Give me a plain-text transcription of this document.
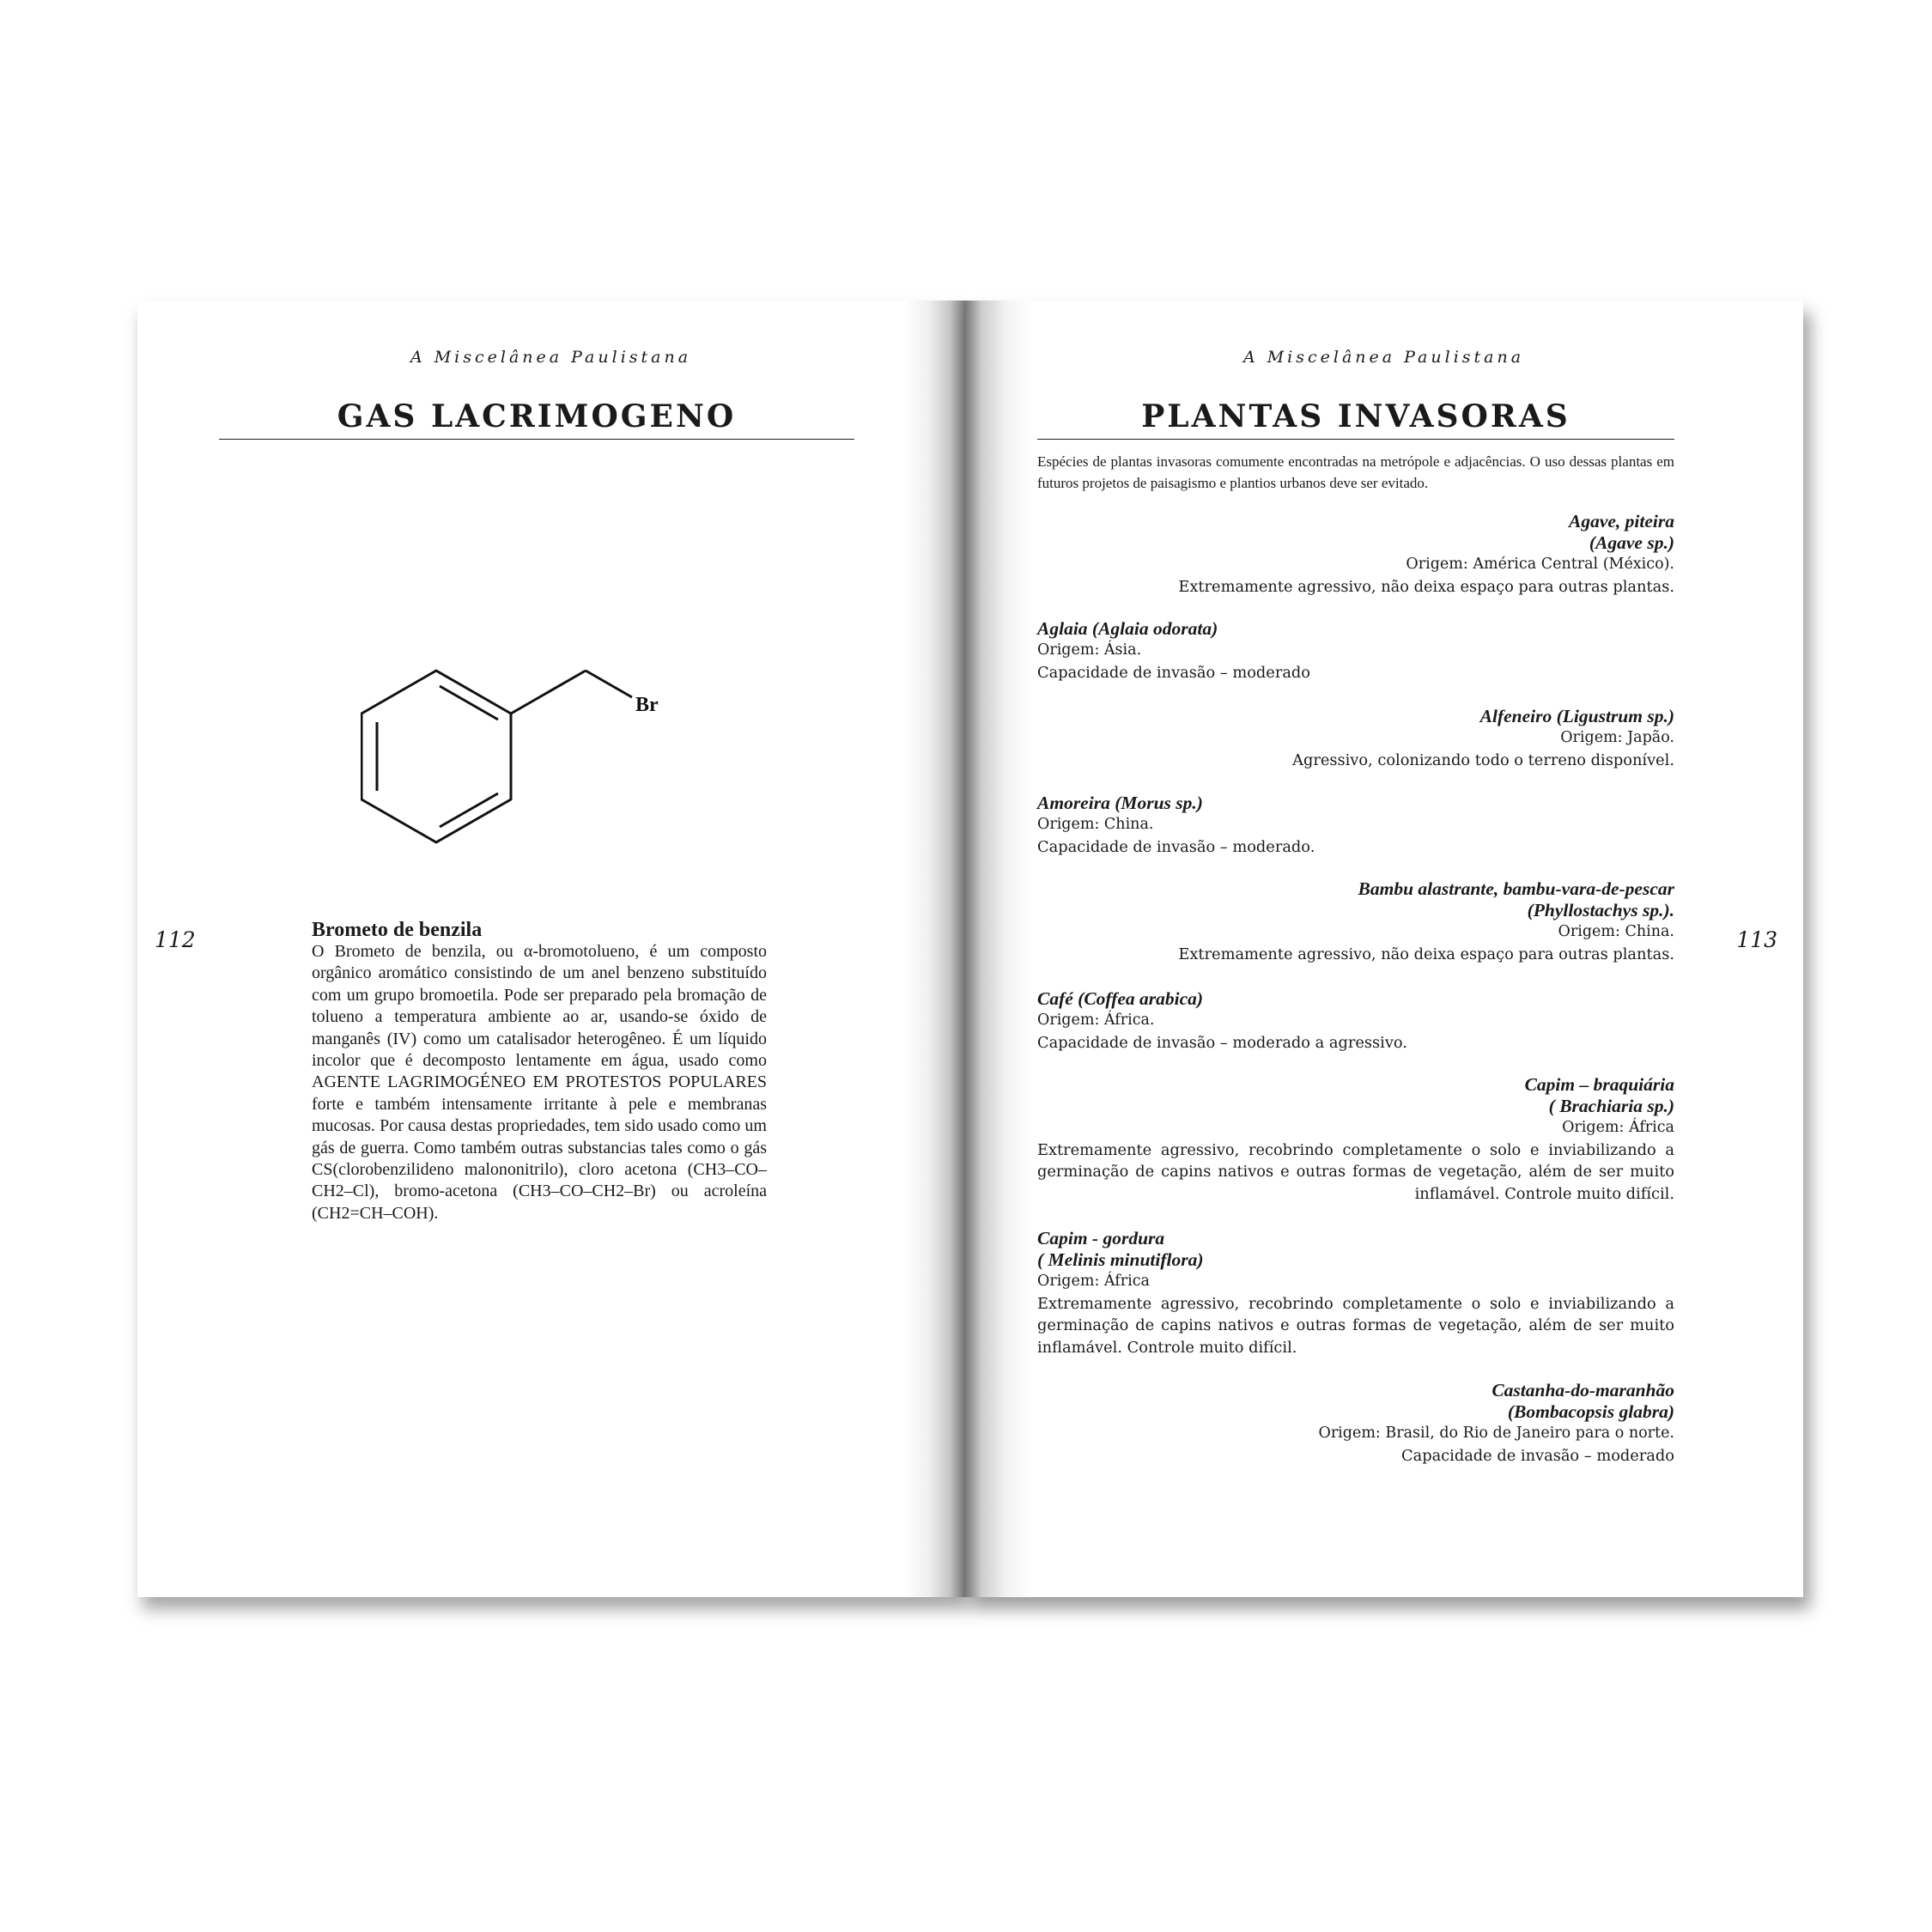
A Miscelânea Paulistana
GAS LACRIMOGENO
Br
112	Brometo de benzila

O Brometo de benzila, ou α-bromotolueno, é um composto orgânico aromático consistindo de um anel benzeno substituído com um grupo bromoetila. Pode ser preparado pela bromação de tolueno a temperatura ambiente ao ar, usando-se óxido de manganês (IV) como um catalisador heterogêneo. É um líquido incolor que é decomposto lentamente em água, usado como AGENTE LAGRIMOGÉNEO EM PROTESTOS POPULARES forte e também intensamente irritante à pele e membranas mucosas. Por causa destas propriedades, tem sido usado como um gás de guerra. Como também outras substancias tales como o gás CS(clorobenzilideno malononitrilo), cloro acetona (CH3–CO–CH2–Cl), bromo-acetona (CH3–CO–CH2–Br) ou acroleína (CH2=CH–COH).

A Miscelânea Paulistana
PLANTAS INVASORAS
Espécies de plantas invasoras comumente encontradas na metrópole e adjacências. O uso dessas plantas em futuros projetos de paisagismo e plantios urbanos deve ser evitado.
Agave, piteira
(Agave sp.)
Origem: América Central (México).
Extremamente agressivo, não deixa espaço para outras plantas.
Aglaia (Aglaia odorata)
Origem: Ásia.
Capacidade de invasão – moderado
Alfeneiro (Ligustrum sp.)
Origem: Japão.
Agressivo, colonizando todo o terreno disponível.
Amoreira (Morus sp.)
Origem: China.
Capacidade de invasão – moderado.
Bambu alastrante, bambu-vara-de-pescar
(Phyllostachys sp.).
Origem: China.
Extremamente agressivo, não deixa espaço para outras plantas.
Café (Coffea arabica)
Origem: África.
Capacidade de invasão – moderado a agressivo.
Capim – braquiária
( Brachiaria sp.)
Origem: África
Extremamente agressivo, recobrindo completamente o solo e inviabilizando a germinação de capins nativos e outras formas de vegetação, além de ser muito inflamável. Controle muito difícil.
Capim - gordura
( Melinis minutiflora)
Origem: África
Extremamente agressivo, recobrindo completamente o solo e inviabilizando a germinação de capins nativos e outras formas de vegetação, além de ser muito inflamável. Controle muito difícil.
Castanha-do-maranhão
(Bombacopsis glabra)
Origem: Brasil, do Rio de Janeiro para o norte.
Capacidade de invasão – moderado
113
